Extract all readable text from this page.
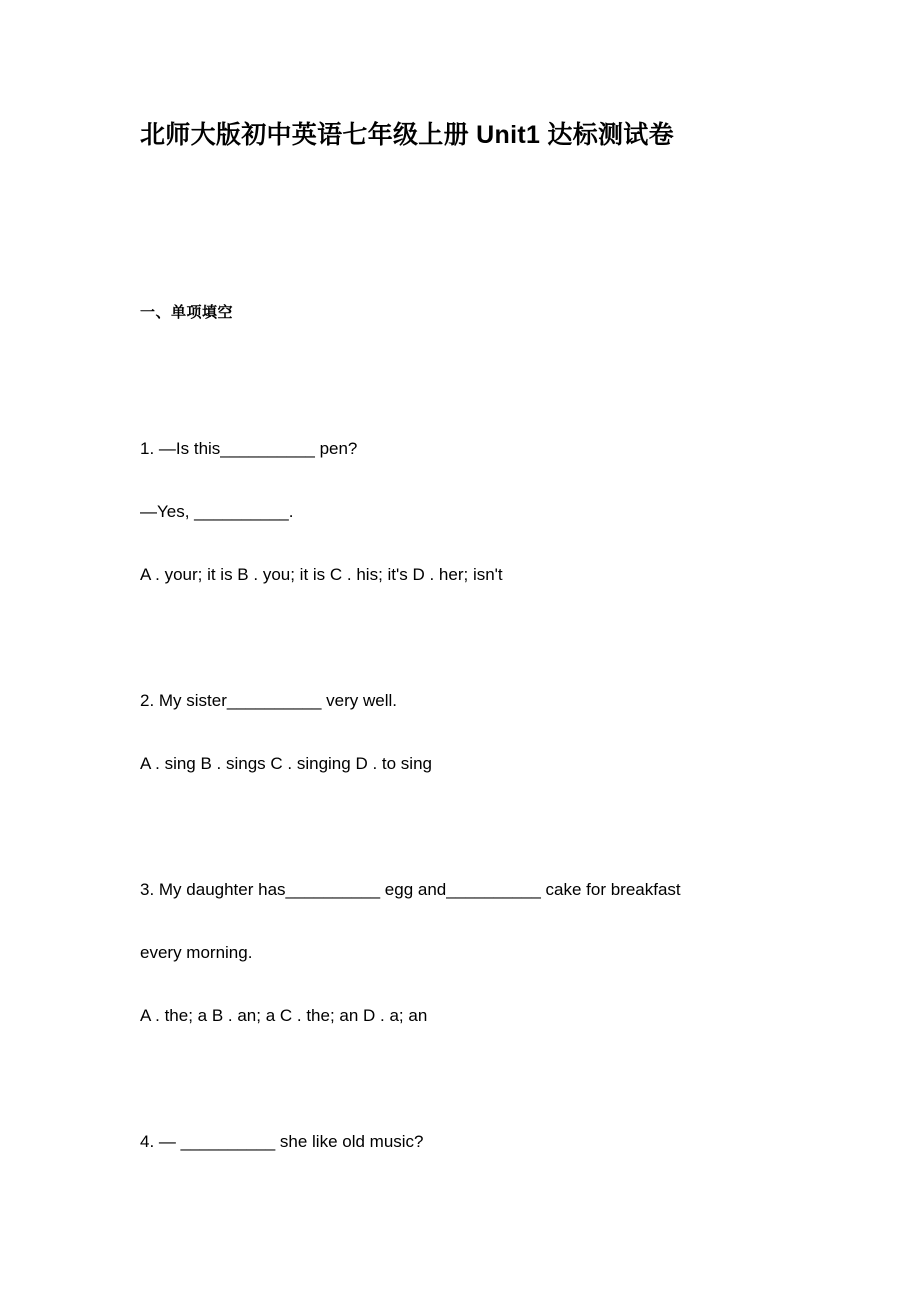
北师大版初中英语七年级上册 Unit1 达标测试卷
一、单项填空
1. —Is this__________ pen?
—Yes, __________.
A . your; it is B . you; it is C . his; it's D . her; isn't
2. My sister__________ very well.
A . sing B . sings C . singing D . to sing
3. My daughter has__________ egg and__________ cake for breakfast
every morning.
A . the; a B . an; a C . the; an D . a; an
4. — __________ she like old music?
